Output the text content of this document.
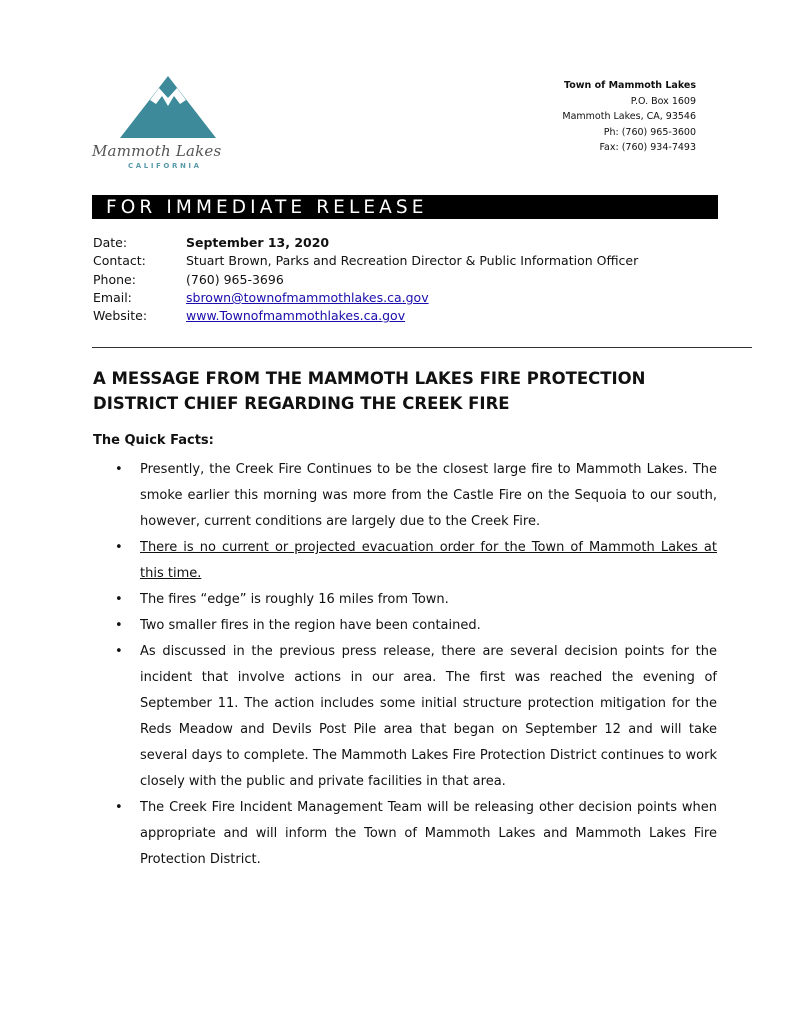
Mammoth Lakes
CALIFORNIA
Town of Mammoth Lakes
P.O. Box 1609
Mammoth Lakes, CA, 93546
Ph: (760) 965-3600
Fax: (760) 934-7493
FOR IMMEDIATE RELEASE
Date:	September 13, 2020
Contact:	Stuart Brown, Parks and Recreation Director & Public Information Officer
Phone:	(760) 965-3696
Email:	sbrown@townofmammothlakes.ca.gov
Website:	www.Townofmammothlakes.ca.gov
A MESSAGE FROM THE MAMMOTH LAKES FIRE PROTECTION
DISTRICT CHIEF REGARDING THE CREEK FIRE
The Quick Facts:
• Presently, the Creek Fire Continues to be the closest large fire to Mammoth Lakes. The smoke earlier this morning was more from the Castle Fire on the Sequoia to our south, however, current conditions are largely due to the Creek Fire.
• There is no current or projected evacuation order for the Town of Mammoth Lakes at this time.
• The fires “edge” is roughly 16 miles from Town.
• Two smaller fires in the region have been contained.
• As discussed in the previous press release, there are several decision points for the incident that involve actions in our area. The first was reached the evening of September 11. The action includes some initial structure protection mitigation for the Reds Meadow and Devils Post Pile area that began on September 12 and will take several days to complete. The Mammoth Lakes Fire Protection District continues to work closely with the public and private facilities in that area.
• The Creek Fire Incident Management Team will be releasing other decision points when appropriate and will inform the Town of Mammoth Lakes and Mammoth Lakes Fire Protection District.
